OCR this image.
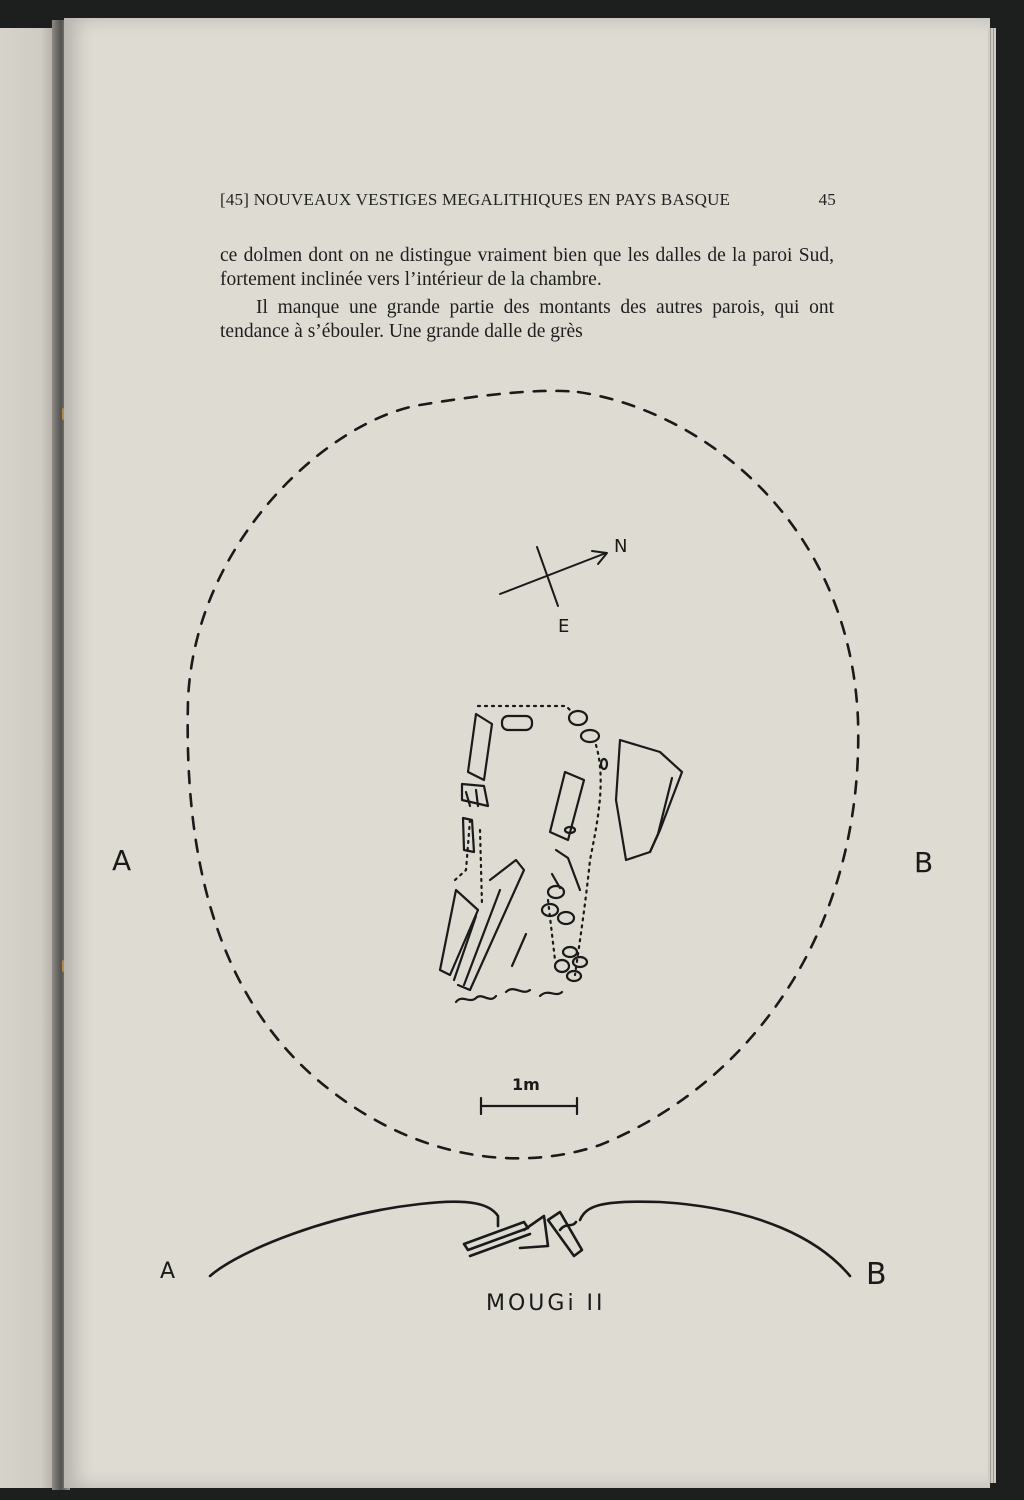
[45] NOUVEAUX VESTIGES MEGALITHIQUES EN PAYS BASQUE	45

ce dolmen dont on ne distingue vraiment bien que les dalles de la paroi Sud, fortement inclinée vers l’intérieur de la chambre.

Il manque une grande partie des montants des autres parois, qui ont tendance à s’ébouler. Une grande dalle de grès

N
E
A	B
1m
A	B
MOUGi II
